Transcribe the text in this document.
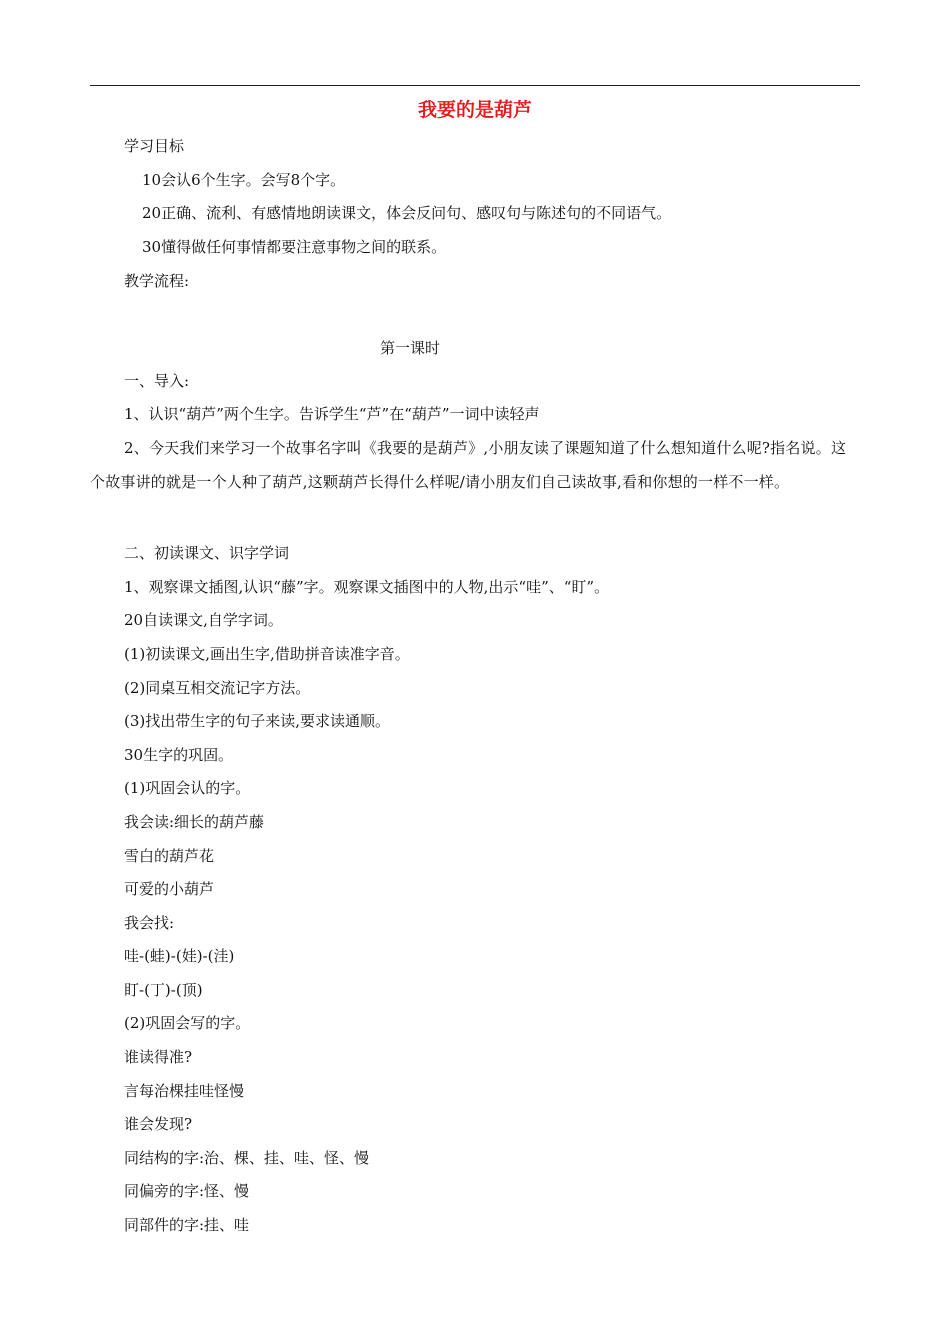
我要的是葫芦
学习目标
10会认6个生字。会写8个字。
20正确、流利、有感情地朗读课文，体会反问句、感叹句与陈述句的不同语气。
30懂得做任何事情都要注意事物之间的联系。
教学流程:
第一课时
一、导入:
1、认识“葫芦”两个生字。告诉学生“芦”在“葫芦”一词中读轻声
2、今天我们来学习一个故事名字叫《我要的是葫芦》,小朋友读了课题知道了什么想知道什么呢?指名说。这个故事讲的就是一个人种了葫芦,这颗葫芦长得什么样呢/请小朋友们自己读故事,看和你想的一样不一样。
二、初读课文、识字学词
1、观察课文插图,认识“藤”字。观察课文插图中的人物,出示“哇”、“盯”。
20自读课文,自学字词。
(1)初读课文,画出生字,借助拼音读准字音。
(2)同桌互相交流记字方法。
(3)找出带生字的句子来读,要求读通顺。
30生字的巩固。
(1)巩固会认的字。
我会读:细长的葫芦藤
雪白的葫芦花
可爱的小葫芦
我会找:
哇-(蛙)-(娃)-(洼)
盯-(丁)-(顶)
(2)巩固会写的字。
谁读得准?
言每治棵挂哇怪慢
谁会发现?
同结构的字:治、棵、挂、哇、怪、慢
同偏旁的字:怪、慢
同部件的字:挂、哇
